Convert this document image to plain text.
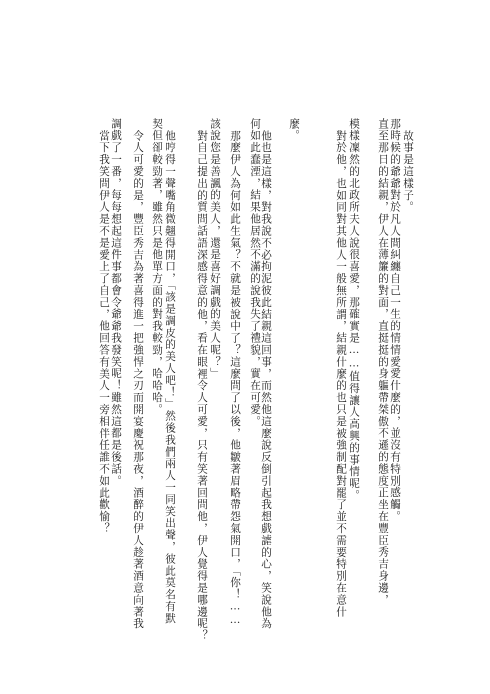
故事是這樣子。
那時候的爺爺對於凡人間糾纏自己一生的情情愛愛什麼的，並沒有特別感觸。
直至那日的結親，伊人在薄簾的對面，直挺挺的身軀帶桀傲不遜的態度正坐在豐臣秀吉身邊，
模樣凜然的北政所夫人說很喜愛，那確實是……值得讓人高興的事情呢。
對於他，也如同對其他人一般無所謂，結親什麼的也只是被強制配對罷了並不需要特別在意什
麼。
他也是這樣，對我說不必拘泥彼此結親這回事，而然他這麼說反倒引起我想戲謔的心，笑說他為
何如此蠢湮，結果他居然不滿的說我失了禮貌，實在可愛。
那麼伊人為何如此生氣？不就是被說中了？這麼問了以後，他皺著眉略帶怨氣開口，「你！……
該說您是善諷的美人，還是喜好調戲的美人呢？」
對自己提出的質問話語深感得意的他，看在眼裡令人可愛，只有笑著回問他，伊人覺得是哪邊呢？
他哼得一聲嘴角微翹得開口，「該是調皮的美人吧！」然後我們兩人一同笑出聲，彼此莫名有默
契但卻較勁著，雖然只是他單方面的對我較勁，哈哈哈。
令人可愛的是，豐臣秀吉為著喜得進一把強悍之刃而開宴慶祝那夜，酒醉的伊人趁著酒意向著我
調戲了一番，每每想起這件事都會令爺爺我發笑呢！雖然這都是後話。
當下我笑問伊人是不是愛上了自己，他回答有美人一旁相伴任誰不如此歡愉？
